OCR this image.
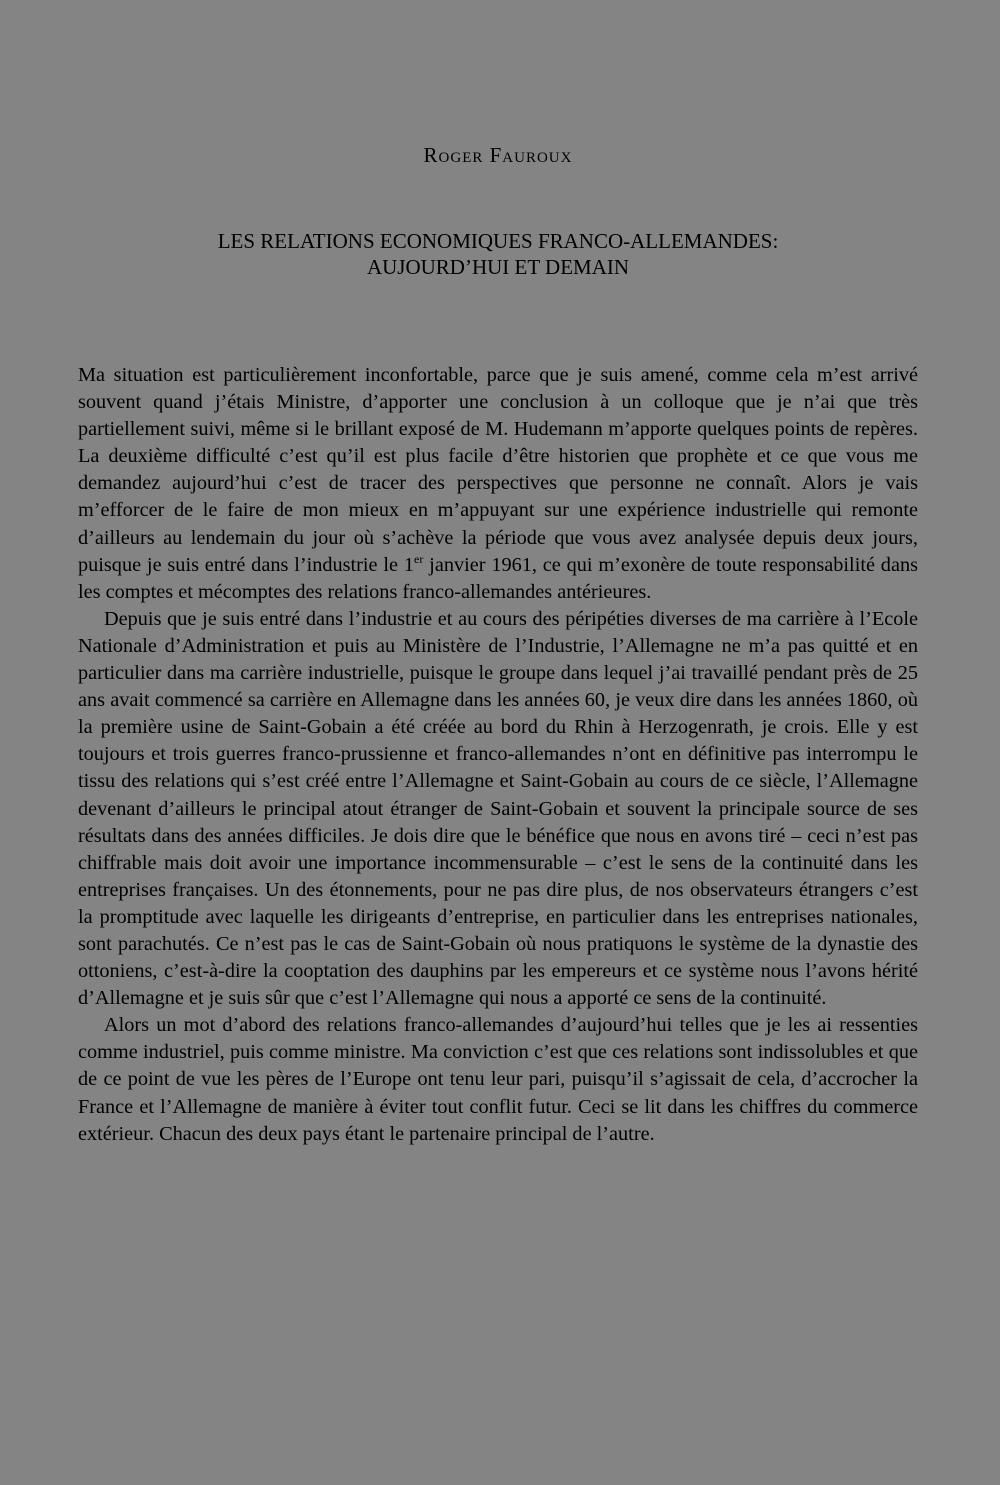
Roger Fauroux
LES RELATIONS ECONOMIQUES FRANCO-ALLEMANDES:
AUJOURD’HUI ET DEMAIN

Ma situation est particulièrement inconfortable, parce que je suis amené, comme cela m’est arrivé souvent quand j’étais Ministre, d’apporter une conclusion à un colloque que je n’ai que très partiellement suivi, même si le brillant exposé de M. Hudemann m’apporte quelques points de repères. La deuxième difficulté c’est qu’il est plus facile d’être historien que prophète et ce que vous me demandez aujourd’hui c’est de tracer des perspectives que personne ne connaît. Alors je vais m’efforcer de le faire de mon mieux en m’appuyant sur une expérience industrielle qui remonte d’ailleurs au lendemain du jour où s’achève la période que vous avez analysée depuis deux jours, puisque je suis entré dans l’industrie le 1er janvier 1961, ce qui m’exonère de toute responsabilité dans les comptes et mécomptes des relations franco-allemandes antérieures.

Depuis que je suis entré dans l’industrie et au cours des péripéties diverses de ma carrière à l’Ecole Nationale d’Administration et puis au Ministère de l’Industrie, l’Allemagne ne m’a pas quitté et en particulier dans ma carrière industrielle, puisque le groupe dans lequel j’ai travaillé pendant près de 25 ans avait commencé sa carrière en Allemagne dans les années 60, je veux dire dans les années 1860, où la première usine de Saint-Gobain a été créée au bord du Rhin à Herzogenrath, je crois. Elle y est toujours et trois guerres franco-prussienne et franco-allemandes n’ont en définitive pas interrompu le tissu des relations qui s’est créé entre l’Allemagne et Saint-Gobain au cours de ce siècle, l’Allemagne devenant d’ailleurs le principal atout étranger de Saint-Gobain et souvent la principale source de ses résultats dans des années difficiles. Je dois dire que le bénéfice que nous en avons tiré – ceci n’est pas chiffrable mais doit avoir une importance incommensurable – c’est le sens de la continuité dans les entreprises françaises. Un des étonnements, pour ne pas dire plus, de nos observateurs étrangers c’est la promptitude avec laquelle les dirigeants d’entreprise, en particulier dans les entreprises nationales, sont parachutés. Ce n’est pas le cas de Saint-Gobain où nous pratiquons le système de la dynastie des ottoniens, c’est-à-dire la cooptation des dauphins par les empereurs et ce système nous l’avons hérité d’Allemagne et je suis sûr que c’est l’Allemagne qui nous a apporté ce sens de la continuité.

Alors un mot d’abord des relations franco-allemandes d’aujourd’hui telles que je les ai ressenties comme industriel, puis comme ministre. Ma conviction c’est que ces relations sont indissolubles et que de ce point de vue les pères de l’Europe ont tenu leur pari, puisqu’il s’agissait de cela, d’accrocher la France et l’Allemagne de manière à éviter tout conflit futur. Ceci se lit dans les chiffres du commerce extérieur. Chacun des deux pays étant le partenaire principal de l’autre.
